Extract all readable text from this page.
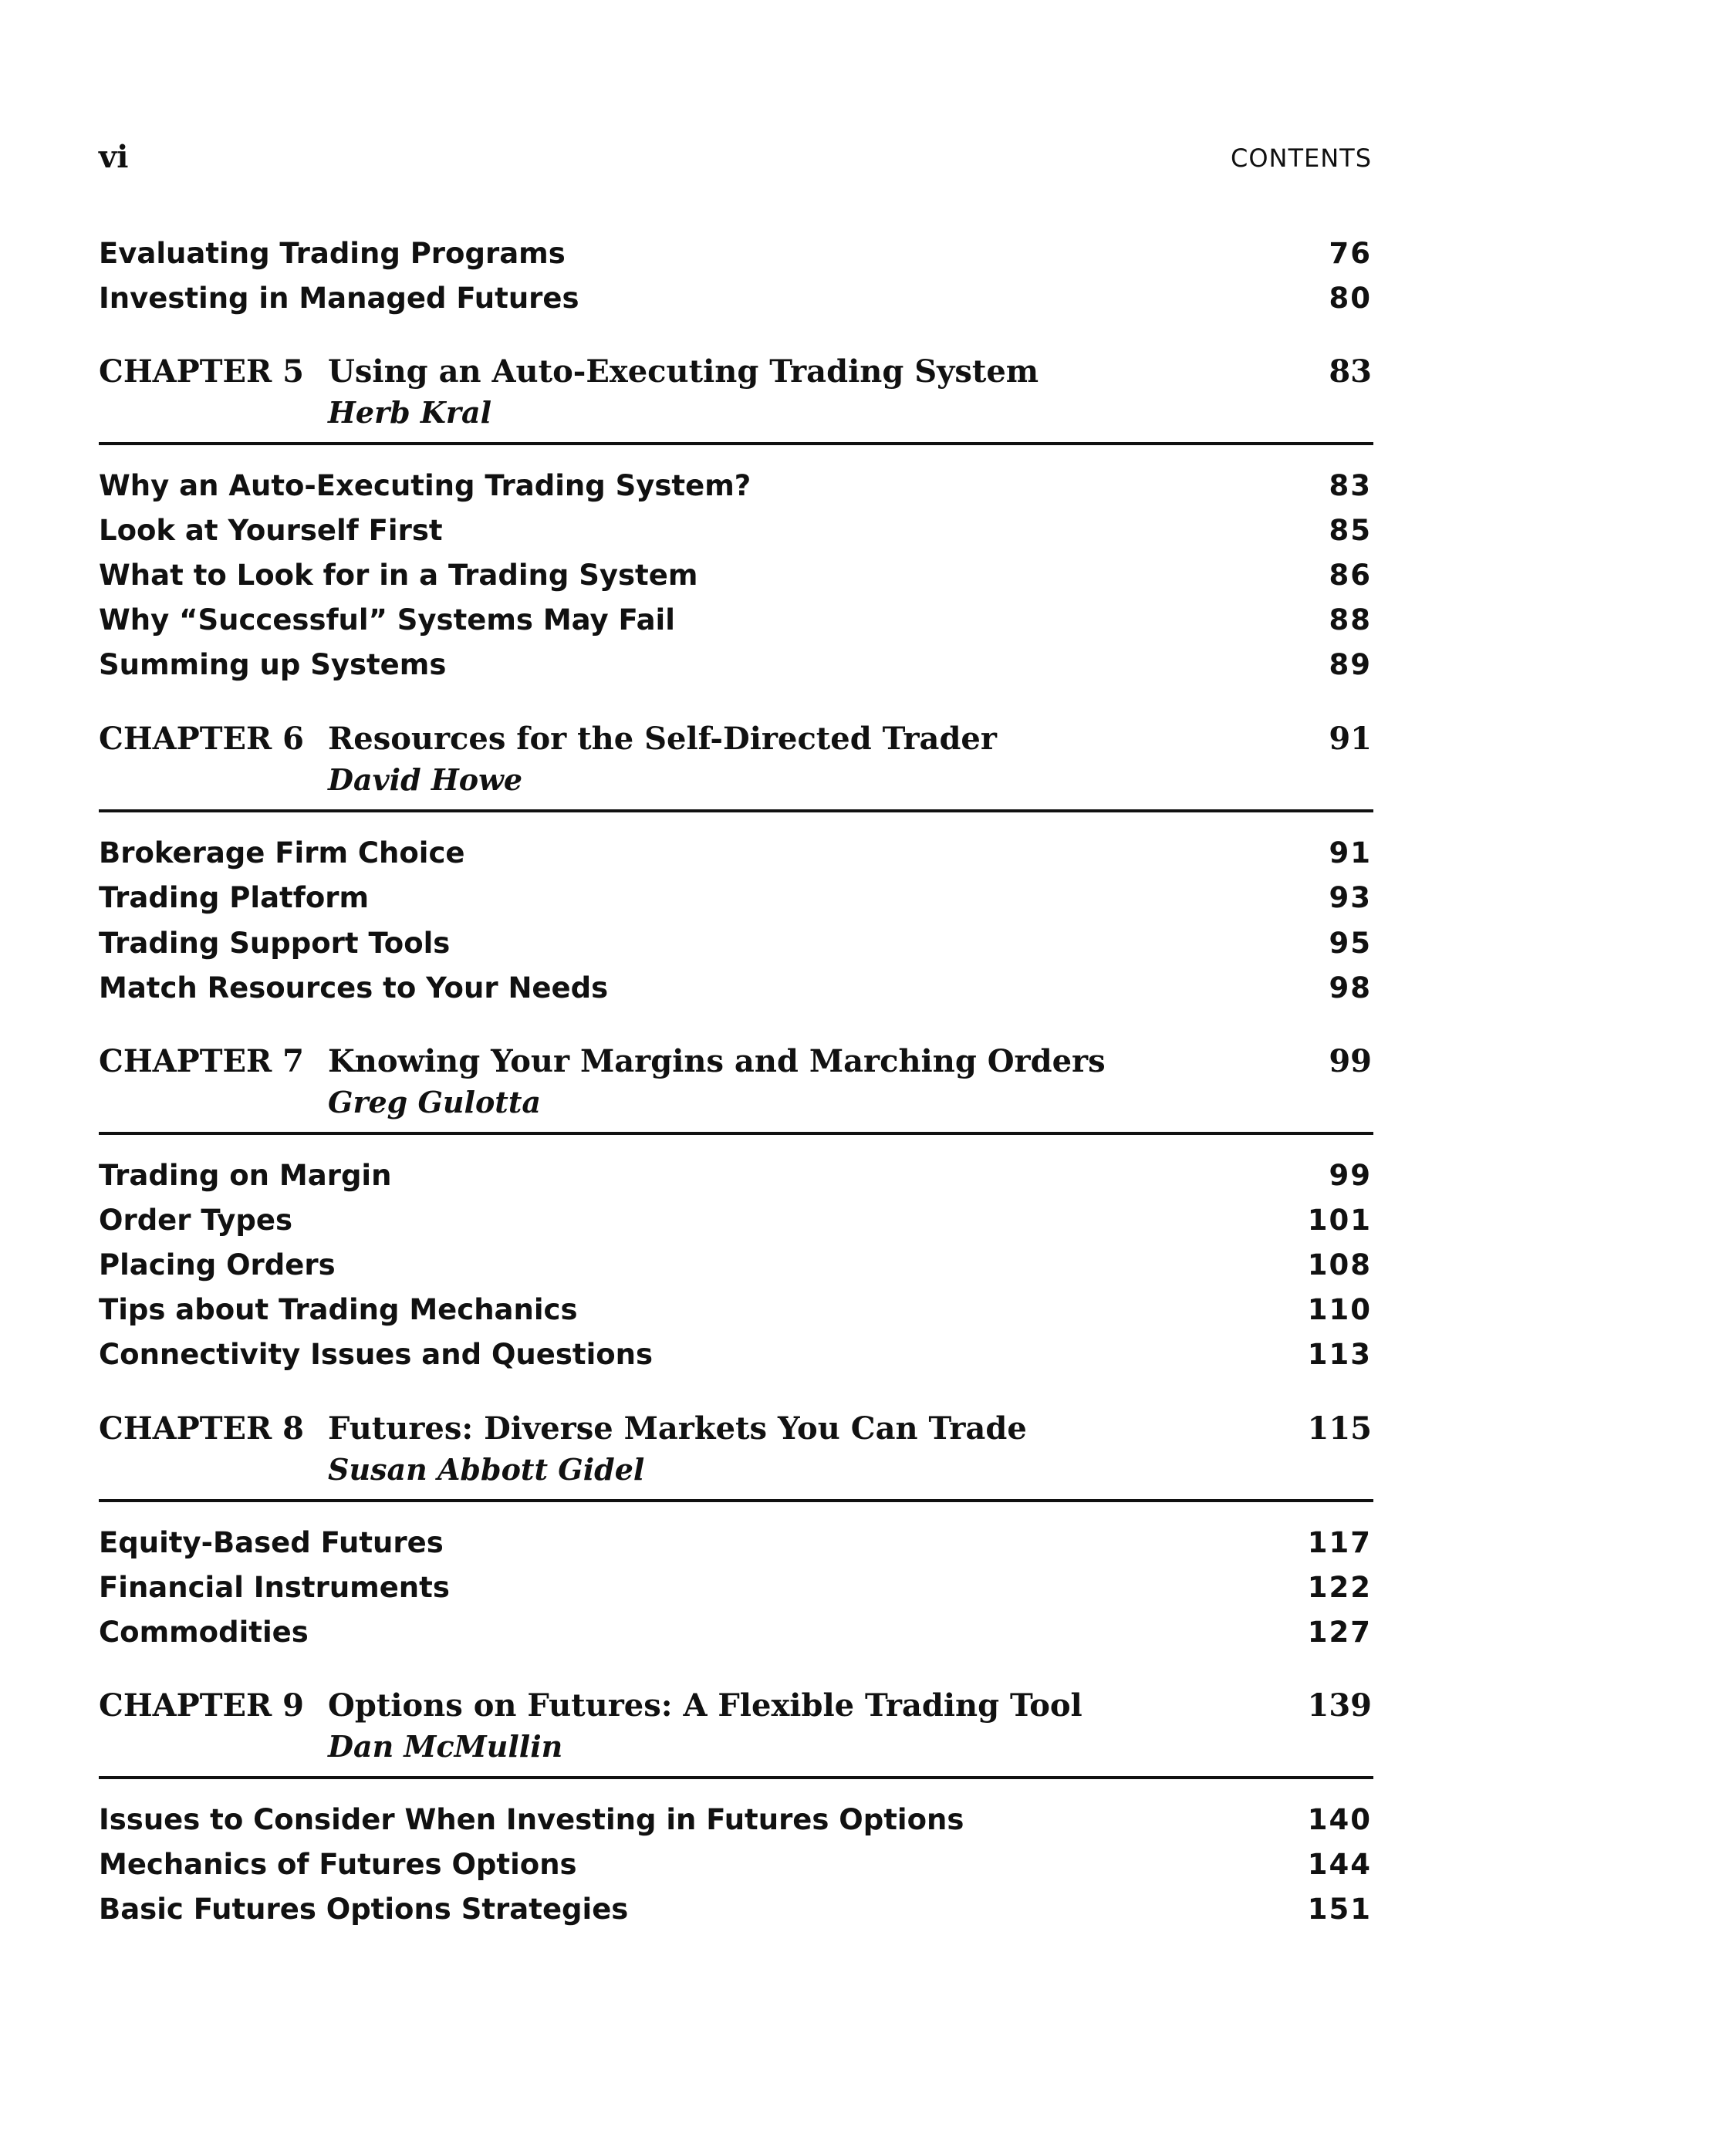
vi	CONTENTS
Evaluating Trading Programs	76
Investing in Managed Futures	80
CHAPTER 5 Using an Auto-Executing Trading System	83
Herb Kral
Why an Auto-Executing Trading System?	83
Look at Yourself First	85
What to Look for in a Trading System	86
Why “Successful” Systems May Fail	88
Summing up Systems	89
CHAPTER 6 Resources for the Self-Directed Trader	91
David Howe
Brokerage Firm Choice	91
Trading Platform	93
Trading Support Tools	95
Match Resources to Your Needs	98
CHAPTER 7 Knowing Your Margins and Marching Orders	99
Greg Gulotta
Trading on Margin	99
Order Types	101
Placing Orders	108
Tips about Trading Mechanics	110
Connectivity Issues and Questions	113
CHAPTER 8 Futures: Diverse Markets You Can Trade	115
Susan Abbott Gidel
Equity-Based Futures	117
Financial Instruments	122
Commodities	127
CHAPTER 9 Options on Futures: A Flexible Trading Tool	139
Dan McMullin
Issues to Consider When Investing in Futures Options	140
Mechanics of Futures Options	144
Basic Futures Options Strategies	151
